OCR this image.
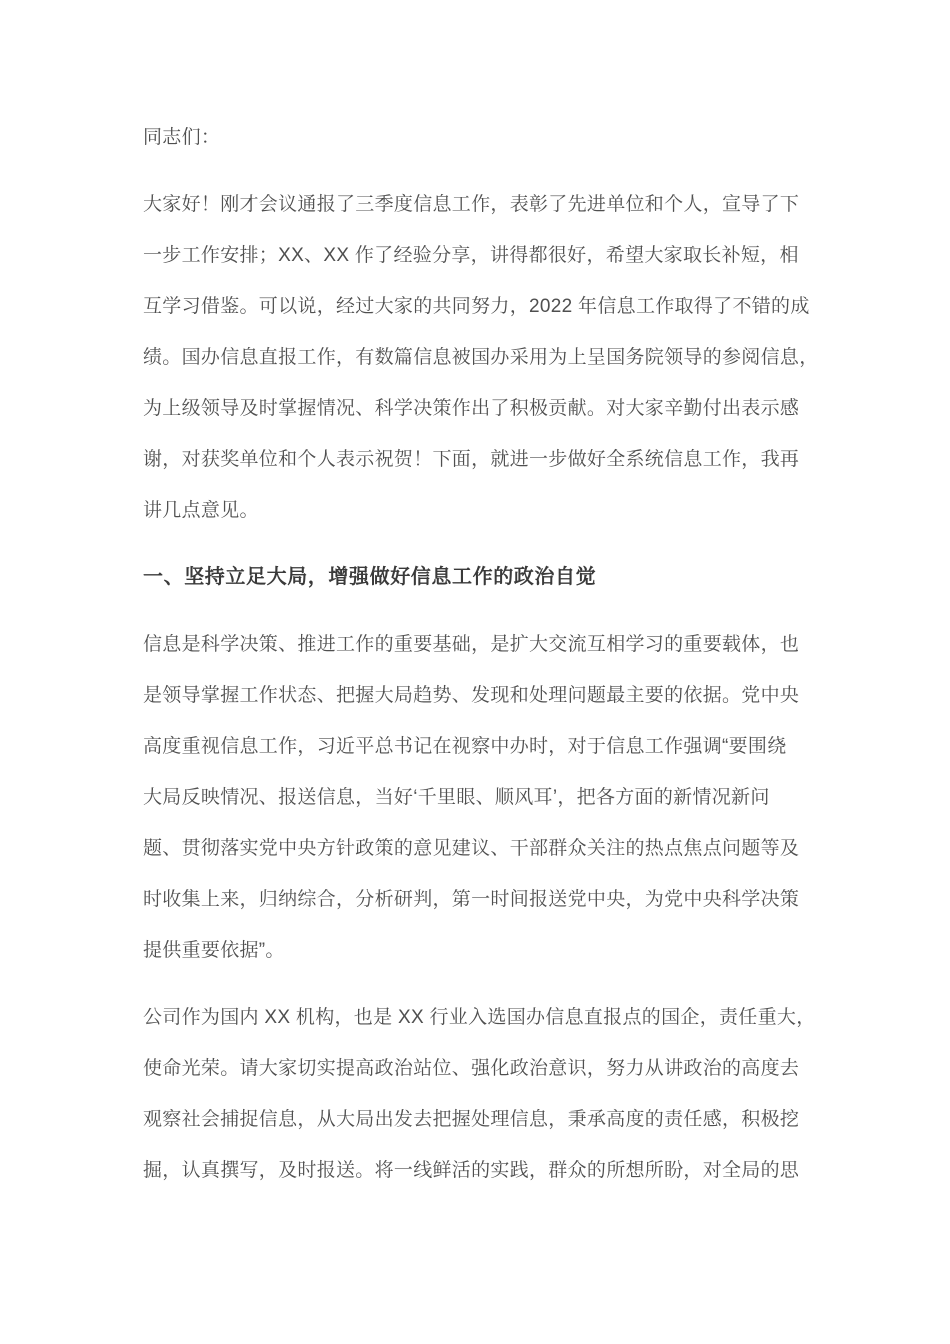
同志们：
大家好！刚才会议通报了三季度信息工作，表彰了先进单位和个人，宣导了下
一步工作安排；XX、XX 作了经验分享，讲得都很好，希望大家取长补短，相
互学习借鉴。可以说，经过大家的共同努力，2022 年信息工作取得了不错的成
绩。国办信息直报工作，有数篇信息被国办采用为上呈国务院领导的参阅信息，
为上级领导及时掌握情况、科学决策作出了积极贡献。对大家辛勤付出表示感
谢，对获奖单位和个人表示祝贺！下面，就进一步做好全系统信息工作，我再
讲几点意见。
一、坚持立足大局，增强做好信息工作的政治自觉
信息是科学决策、推进工作的重要基础，是扩大交流互相学习的重要载体，也
是领导掌握工作状态、把握大局趋势、发现和处理问题最主要的依据。党中央
高度重视信息工作，习近平总书记在视察中办时，对于信息工作强调“要围绕
大局反映情况、报送信息，当好‘千里眼、顺风耳’，把各方面的新情况新问
题、贯彻落实党中央方针政策的意见建议、干部群众关注的热点焦点问题等及
时收集上来，归纳综合，分析研判，第一时间报送党中央，为党中央科学决策
提供重要依据”。
公司作为国内 XX 机构，也是 XX 行业入选国办信息直报点的国企，责任重大，
使命光荣。请大家切实提高政治站位、强化政治意识，努力从讲政治的高度去
观察社会捕捉信息，从大局出发去把握处理信息，秉承高度的责任感，积极挖
掘，认真撰写，及时报送。将一线鲜活的实践，群众的所想所盼，对全局的思
